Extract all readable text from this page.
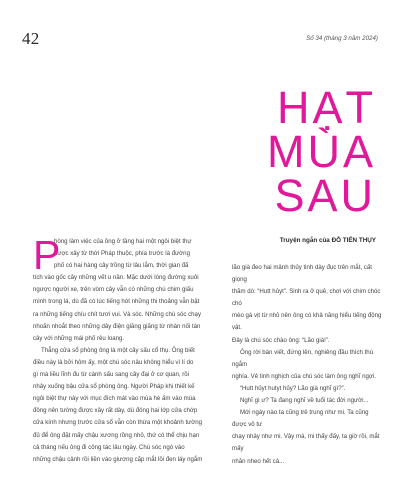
42	Số 34 (tháng 3 năm 2024)
HẠT
MÙA
SAU
Truyện ngắn của ĐỖ TIẾN THỤY
P

hòng làm việc của ông ở tầng hai một ngôi biệt thự

được xây từ thời Pháp thuộc, phía trước là đường

phố có hai hàng cây trồng từ lâu lắm, thời gian đã

tích vào gốc cây những vết u nần. Mặc dưới lòng đường xuôi

ngược người xe, trên vòm cây vẫn có những chú chim giấu

mình trong lá, dù đã có lúc tiếng hót những thi thoảng vẫn bật

ra những tiếng chíu chít tươi vui. Và sóc. Những chú sóc chạy

nhoăn nhoắt theo những dây điện giăng giăng từ nhàn nối tán

cây với những mái phố rêu loang.

Thẳng cửa sổ phòng ông là một cây sấu cổ thụ. Ông biết

điều này là bởi hôm ấy, một chú sóc nâu không hiểu vì lí do

gì mà liều lĩnh đu từ cành sấu sang cây đại ở cơ quan, rồi

nhảy xuống bậu cửa sổ phòng ông. Người Pháp khi thiết kế

ngôi biệt thự này với mục đích mát vào mùa hè ấm vào mùa

đông nên tường được xây rất dày, dù đóng hai lớp cửa chớp

cửa kính nhưng trước cửa sổ vẫn còn thừa một khoảnh tường

đủ để ông đặt mấy chậu xương rồng nhỏ, thứ có thể chịu hạn

cả tháng nếu ông đi công tác lâu ngày. Chú sóc ngó vào

những chậu cảnh rồi liền vào giương cặp mắt lồi đen láy ngắm

lão già đeo hai mảnh thủy tinh dày đục trên mắt, cất giọng

thăm dò: “Hutt hủyt”. Sinh ra ở quê, chơi với chim chóc chó

mèo gà vịt từ nhỏ nên ông có khả năng hiểu tiếng động vật.

Đây là chú sóc chào ông: “Lão già!”.

Ông rời bàn viết, đứng lên, nghiêng đầu thích thú ngắm

nghía. Vẻ tinh nghịch của chú sóc làm ông nghĩ ngợi.

“Hutt hủyt hutyt hủy? Lão già nghĩ gì?”.

Nghĩ gì ư? Ta đang nghĩ về tuổi tác đời người...

Mới ngày nào ta cũng trẻ trung như mi. Ta cũng được vô tư

chạy nhảy như mi. Vậy mà, mi thấy đấy, ta giờ rồi, mắt mấy

nhăn nheo hết cả...
